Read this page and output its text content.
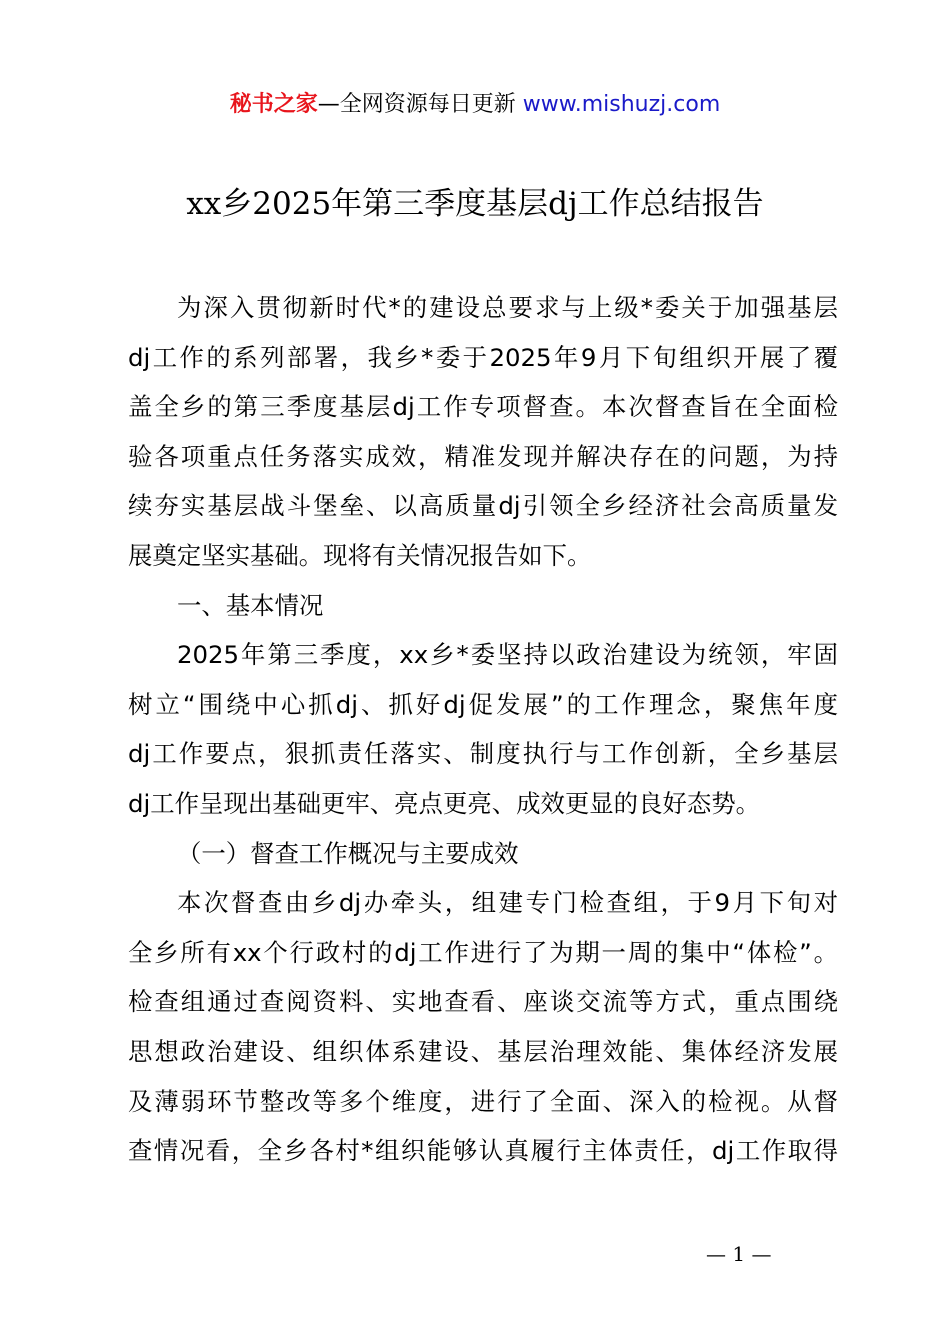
秘书之家—全网资源每日更新 www.mishuzj.com
xx乡2025年第三季度基层dj工作总结报告
为深入贯彻新时代*的建设总要求与上级*委关于加强基层
dj工作的系列部署，我乡*委于2025年9月下旬组织开展了覆
盖全乡的第三季度基层dj工作专项督查。本次督查旨在全面检
验各项重点任务落实成效，精准发现并解决存在的问题，为持
续夯实基层战斗堡垒、以高质量dj引领全乡经济社会高质量发
展奠定坚实基础。现将有关情况报告如下。
一、基本情况
2025年第三季度，xx乡*委坚持以政治建设为统领，牢固
树立“围绕中心抓dj、抓好dj促发展”的工作理念，聚焦年度
dj工作要点，狠抓责任落实、制度执行与工作创新，全乡基层
dj工作呈现出基础更牢、亮点更亮、成效更显的良好态势。
（一）督查工作概况与主要成效
本次督查由乡dj办牵头，组建专门检查组，于9月下旬对
全乡所有xx个行政村的dj工作进行了为期一周的集中“体检”。
检查组通过查阅资料、实地查看、座谈交流等方式，重点围绕
思想政治建设、组织体系建设、基层治理效能、集体经济发展
及薄弱环节整改等多个维度，进行了全面、深入的检视。从督
查情况看，全乡各村*组织能够认真履行主体责任，dj工作取得
— 1 —
